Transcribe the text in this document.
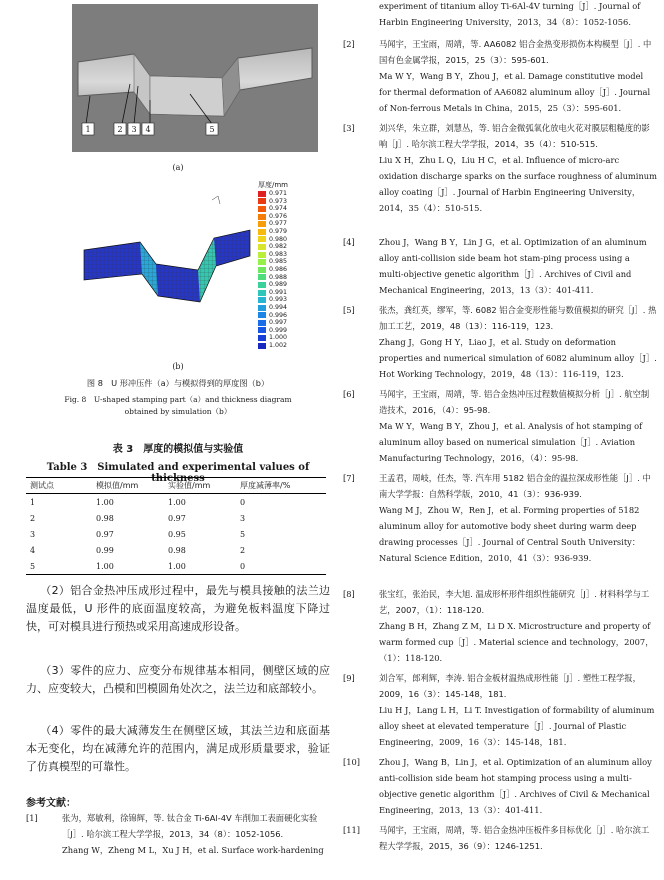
1	2	3	4	5
(a)
厚度/mm
0.971
0.973
0.974
0.976
0.977
0.979
0.980
0.982
0.983
0.985
0.986
0.988
0.989
0.991
0.993
0.994
0.996
0.997
0.999
1.000
1.002
(b)
图 8　U 形冲压件（a）与模拟得到的厚度图（b）
Fig. 8　U-shaped stamping part（a）and thickness diagram
obtained by simulation（b）
表 3　厚度的模拟值与实验值
Table 3　Simulated and experimental values of thickness
测试点	模拟值/mm	实验值/mm	厚度减薄率/%
1	1.00	1.00	0
2	0.98	0.97	3
3	0.97	0.95	5
4	0.99	0.98	2
5	1.00	1.00	0
（2）铝合金热冲压成形过程中，最先与模具接触的法兰边温度最低，U 形件的底面温度较高，为避免板料温度下降过快，可对模具进行预热或采用高速成形设备。
（3）零件的应力、应变分布规律基本相同，侧壁区域的应力、应变较大，凸模和凹模圆角处次之，法兰边和底部较小。
（4）零件的最大减薄发生在侧壁区域，其法兰边和底面基本无变化，均在减薄允许的范围内，满足成形质量要求，验证了仿真模型的可靠性。
参考文献：
[1]	张为，郑敏利，徐锦辉，等. 钛合金 Ti-6Al-4V 车削加工表面硬化实验［J］. 哈尔滨工程大学学报，2013，34（8）：1052-1056.

Zhang W，Zheng M L，Xu J H，et al. Surface work-hardening

experiment of titanium alloy Ti-6Al-4V turning［J］. Journal of Harbin Engineering University，2013，34（8）：1052-1056.

[2]	马闻宇，王宝雨，周靖，等. AA6082 铝合金热变形损伤本构模型［J］. 中国有色金属学报，2015，25（3）：595-601.

Ma W Y，Wang B Y，Zhou J，et al. Damage constitutive model for thermal deformation of AA6082 aluminum alloy［J］. Journal of Non-ferrous Metals in China，2015，25（3）：595-601.

[3]	刘兴华，朱立群，刘慧丛，等. 铝合金微弧氧化放电火花对膜层粗糙度的影响［J］. 哈尔滨工程大学学报，2014，35（4）：510-515.

Liu X H，Zhu L Q，Liu H C，et al. Influence of micro-arc oxidation discharge sparks on the surface roughness of aluminum alloy coating［J］. Journal of Harbin Engineering University，2014，35（4）：510-515.

[4]	Zhou J，Wang B Y，Lin J G，et al. Optimization of an aluminum alloy anti-collision side beam hot stam-ping process using a multi-objective genetic algorithm［J］. Archives of Civil and Mechanical Engineering，2013，13（3）：401-411.

[5]	张杰，龚红英，缪军，等. 6082 铝合金变形性能与数值模拟的研究［J］. 热加工工艺，2019，48（13）：116-119，123.

Zhang J，Gong H Y，Liao J，et al. Study on deformation properties and numerical simulation of 6082 aluminum alloy［J］. Hot Working Technology，2019，48（13）：116-119，123.

[6]	马闻宇，王宝雨，周靖，等. 铝合金热冲压过程数值模拟分析［J］. 航空制造技术，2016，（4）：95-98.

Ma W Y，Wang B Y，Zhou J，et al. Analysis of hot stamping of aluminum alloy based on numerical simulation［J］. Aviation Manufacturing Technology，2016，（4）：95-98.

[7]	王孟君，周岐，任杰，等. 汽车用 5182 铝合金的温拉深成形性能［J］. 中南大学学报：自然科学版，2010，41（3）：936-939.

Wang M J，Zhou W，Ren J，et al. Forming properties of 5182 aluminum alloy for automotive body sheet during warm deep drawing processes［J］. Journal of Central South University：Natural Science Edition，2010，41（3）：936-939.

[8]	张宝红，张治民，李大旭. 温成形杯形件组织性能研究［J］. 材料科学与工艺，2007，（1）：118-120.

Zhang B H，Zhang Z M，Li D X. Microstructure and property of warm formed cup［J］. Material science and technology，2007，（1）：118-120.

[9]	刘合军，郎利辉，李涛. 铝合金板材温热成形性能［J］. 塑性工程学报，2009，16（3）：145-148，181.

Liu H J，Lang L H，Li T. Investigation of formability of aluminum alloy sheet at elevated temperature［J］. Journal of Plastic Engineering，2009，16（3）：145-148，181.

[10]	Zhou J，Wang B，Lin J，et al. Optimization of an aluminum alloy anti-collision side beam hot stamping process using a multi-objective genetic algorithm［J］. Archives of Civil & Mechanical Engineering，2013，13（3）：401-411.

[11]	马闻宇，王宝雨，周靖，等. 铝合金热冲压板件多目标优化［J］. 哈尔滨工程大学学报，2015，36（9）：1246-1251.
